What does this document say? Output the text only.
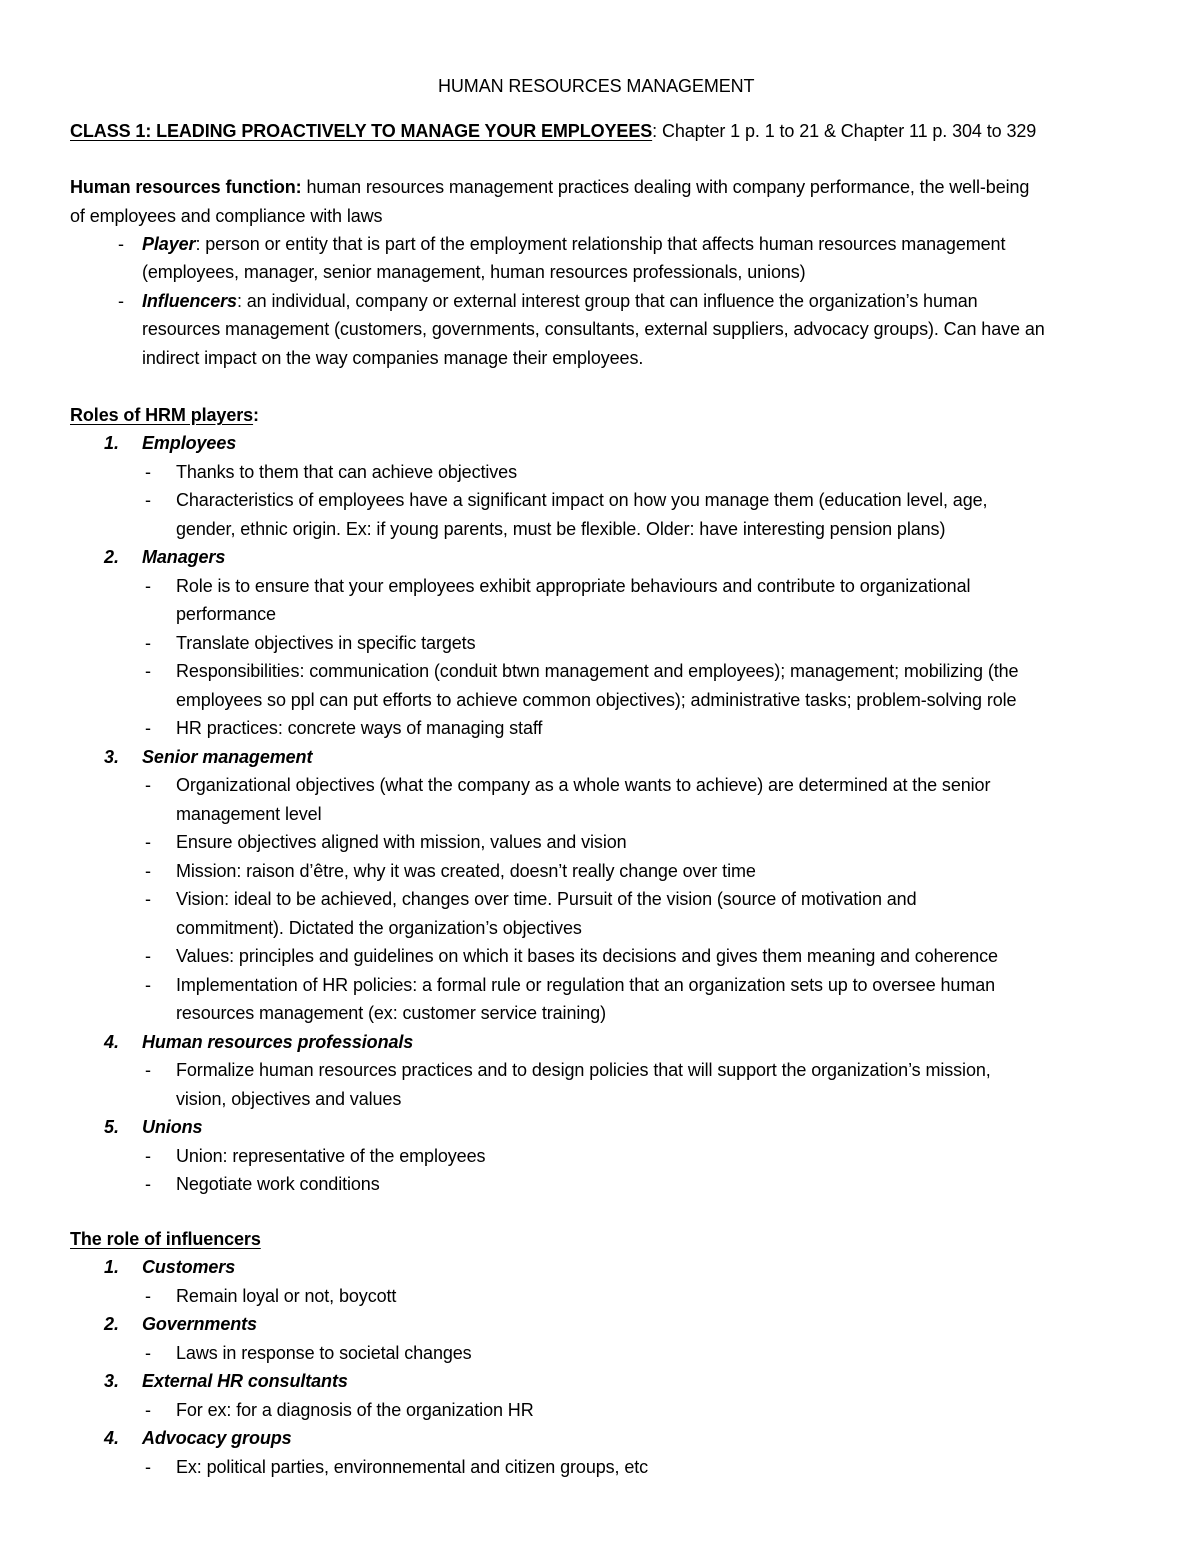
HUMAN RESOURCES MANAGEMENT
CLASS 1: LEADING PROACTIVELY TO MANAGE YOUR EMPLOYEES: Chapter 1 p. 1 to 21 & Chapter 11 p. 304 to 329
Human resources function: human resources management practices dealing with company performance, the well-being
of employees and compliance with laws
- Player: person or entity that is part of the employment relationship that affects human resources management
(employees, manager, senior management, human resources professionals, unions)
- Influencers: an individual, company or external interest group that can influence the organization’s human
resources management (customers, governments, consultants, external suppliers, advocacy groups). Can have an
indirect impact on the way companies manage their employees.
Roles of HRM players:
1. Employees
- Thanks to them that can achieve objectives
- Characteristics of employees have a significant impact on how you manage them (education level, age,
gender, ethnic origin. Ex: if young parents, must be flexible. Older: have interesting pension plans)
2. Managers
- Role is to ensure that your employees exhibit appropriate behaviours and contribute to organizational
performance
- Translate objectives in specific targets
- Responsibilities: communication (conduit btwn management and employees); management; mobilizing (the
employees so ppl can put efforts to achieve common objectives); administrative tasks; problem-solving role
- HR practices: concrete ways of managing staff
3. Senior management
- Organizational objectives (what the company as a whole wants to achieve) are determined at the senior
management level
- Ensure objectives aligned with mission, values and vision
- Mission: raison d’être, why it was created, doesn’t really change over time
- Vision: ideal to be achieved, changes over time. Pursuit of the vision (source of motivation and
commitment). Dictated the organization’s objectives
- Values: principles and guidelines on which it bases its decisions and gives them meaning and coherence
- Implementation of HR policies: a formal rule or regulation that an organization sets up to oversee human
resources management (ex: customer service training)
4. Human resources professionals
- Formalize human resources practices and to design policies that will support the organization’s mission,
vision, objectives and values
5. Unions
- Union: representative of the employees
- Negotiate work conditions
The role of influencers
1. Customers
- Remain loyal or not, boycott
2. Governments
- Laws in response to societal changes
3. External HR consultants
- For ex: for a diagnosis of the organization HR
4. Advocacy groups
- Ex: political parties, environnemental and citizen groups, etc
